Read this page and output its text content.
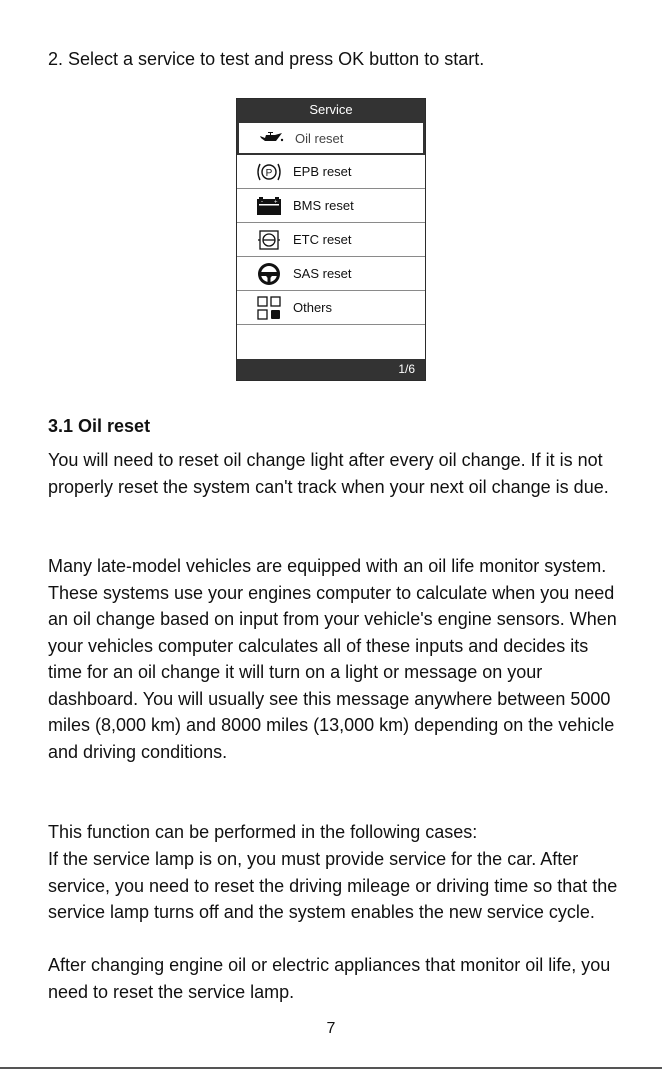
2. Select a service to test and press OK button to start.
Service
Oil reset
P EPB reset
- + BMS reset
ETC reset
SAS reset
Others
1/6
3.1 Oil reset

You will need to reset oil change light after every oil change. If it is not properly reset the system can't track when your next oil change is due.

Many late-model vehicles are equipped with an oil life monitor system. These systems use your engines computer to calculate when you need an oil change based on input from your vehicle's engine sensors. When your vehicles computer calculates all of these inputs and decides its time for an oil change it will turn on a light or message on your dashboard. You will usually see this message anywhere between 5000 miles (8,000 km) and 8000 miles (13,000 km) depending on the vehicle and driving conditions.

This function can be performed in the following cases:

If the service lamp is on, you must provide service for the car. After service, you need to reset the driving mileage or driving time so that the service lamp turns off and the system enables the new service cycle.

After changing engine oil or electric appliances that monitor oil life, you need to reset the service lamp.

7
